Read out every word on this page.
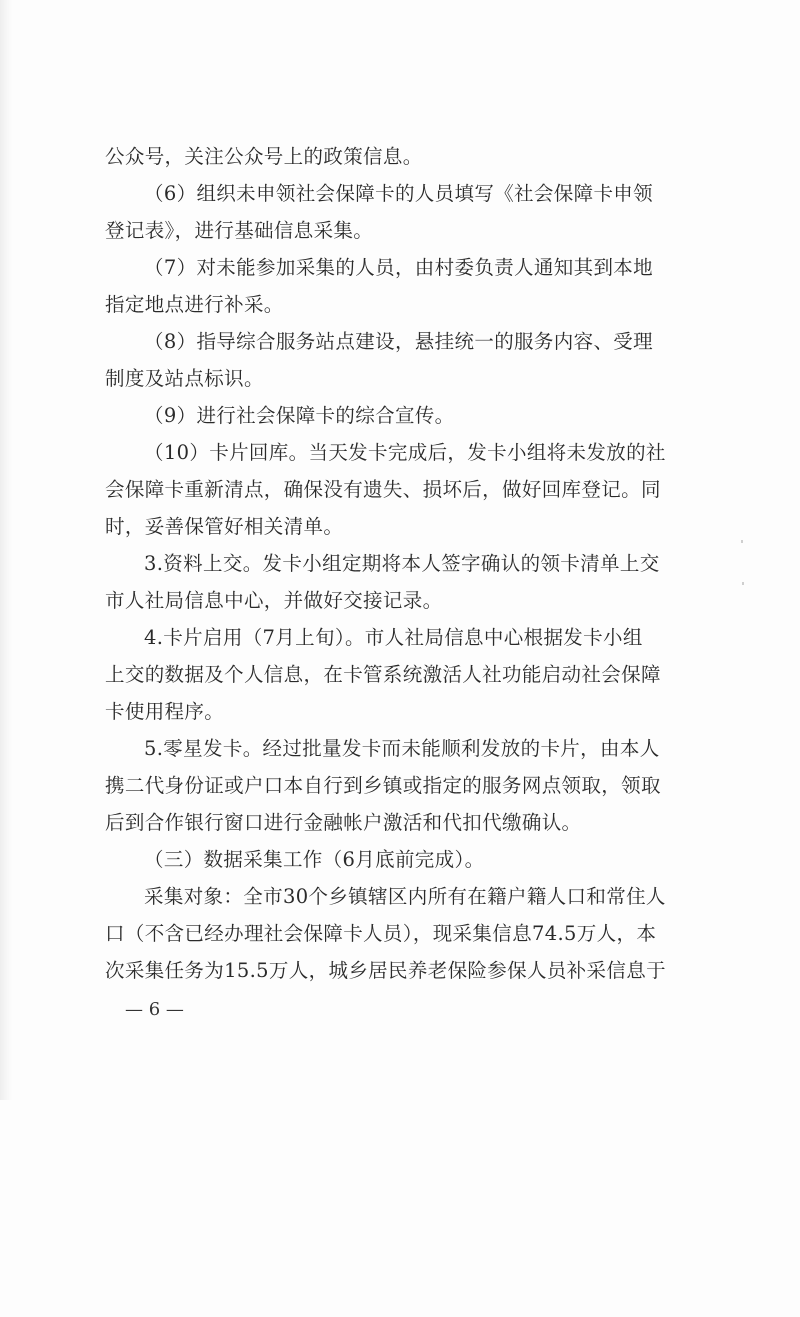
公众号，关注公众号上的政策信息。
（6）组织未申领社会保障卡的人员填写《社会保障卡申领
登记表》，进行基础信息采集。
（7）对未能参加采集的人员，由村委负责人通知其到本地
指定地点进行补采。
（8）指导综合服务站点建设，悬挂统一的服务内容、受理
制度及站点标识。
（9）进行社会保障卡的综合宣传。
（10）卡片回库。当天发卡完成后，发卡小组将未发放的社
会保障卡重新清点，确保没有遗失、损坏后，做好回库登记。同
时，妥善保管好相关清单。
3.资料上交。发卡小组定期将本人签字确认的领卡清单上交
市人社局信息中心，并做好交接记录。
4.卡片启用（7月上旬）。市人社局信息中心根据发卡小组
上交的数据及个人信息，在卡管系统激活人社功能启动社会保障
卡使用程序。
5.零星发卡。经过批量发卡而未能顺利发放的卡片，由本人
携二代身份证或户口本自行到乡镇或指定的服务网点领取，领取
后到合作银行窗口进行金融帐户激活和代扣代缴确认。
（三）数据采集工作（6月底前完成）。
采集对象：全市30个乡镇辖区内所有在籍户籍人口和常住人
口（不含已经办理社会保障卡人员），现采集信息74.5万人，本
次采集任务为15.5万人，城乡居民养老保险参保人员补采信息于
— 6 —
